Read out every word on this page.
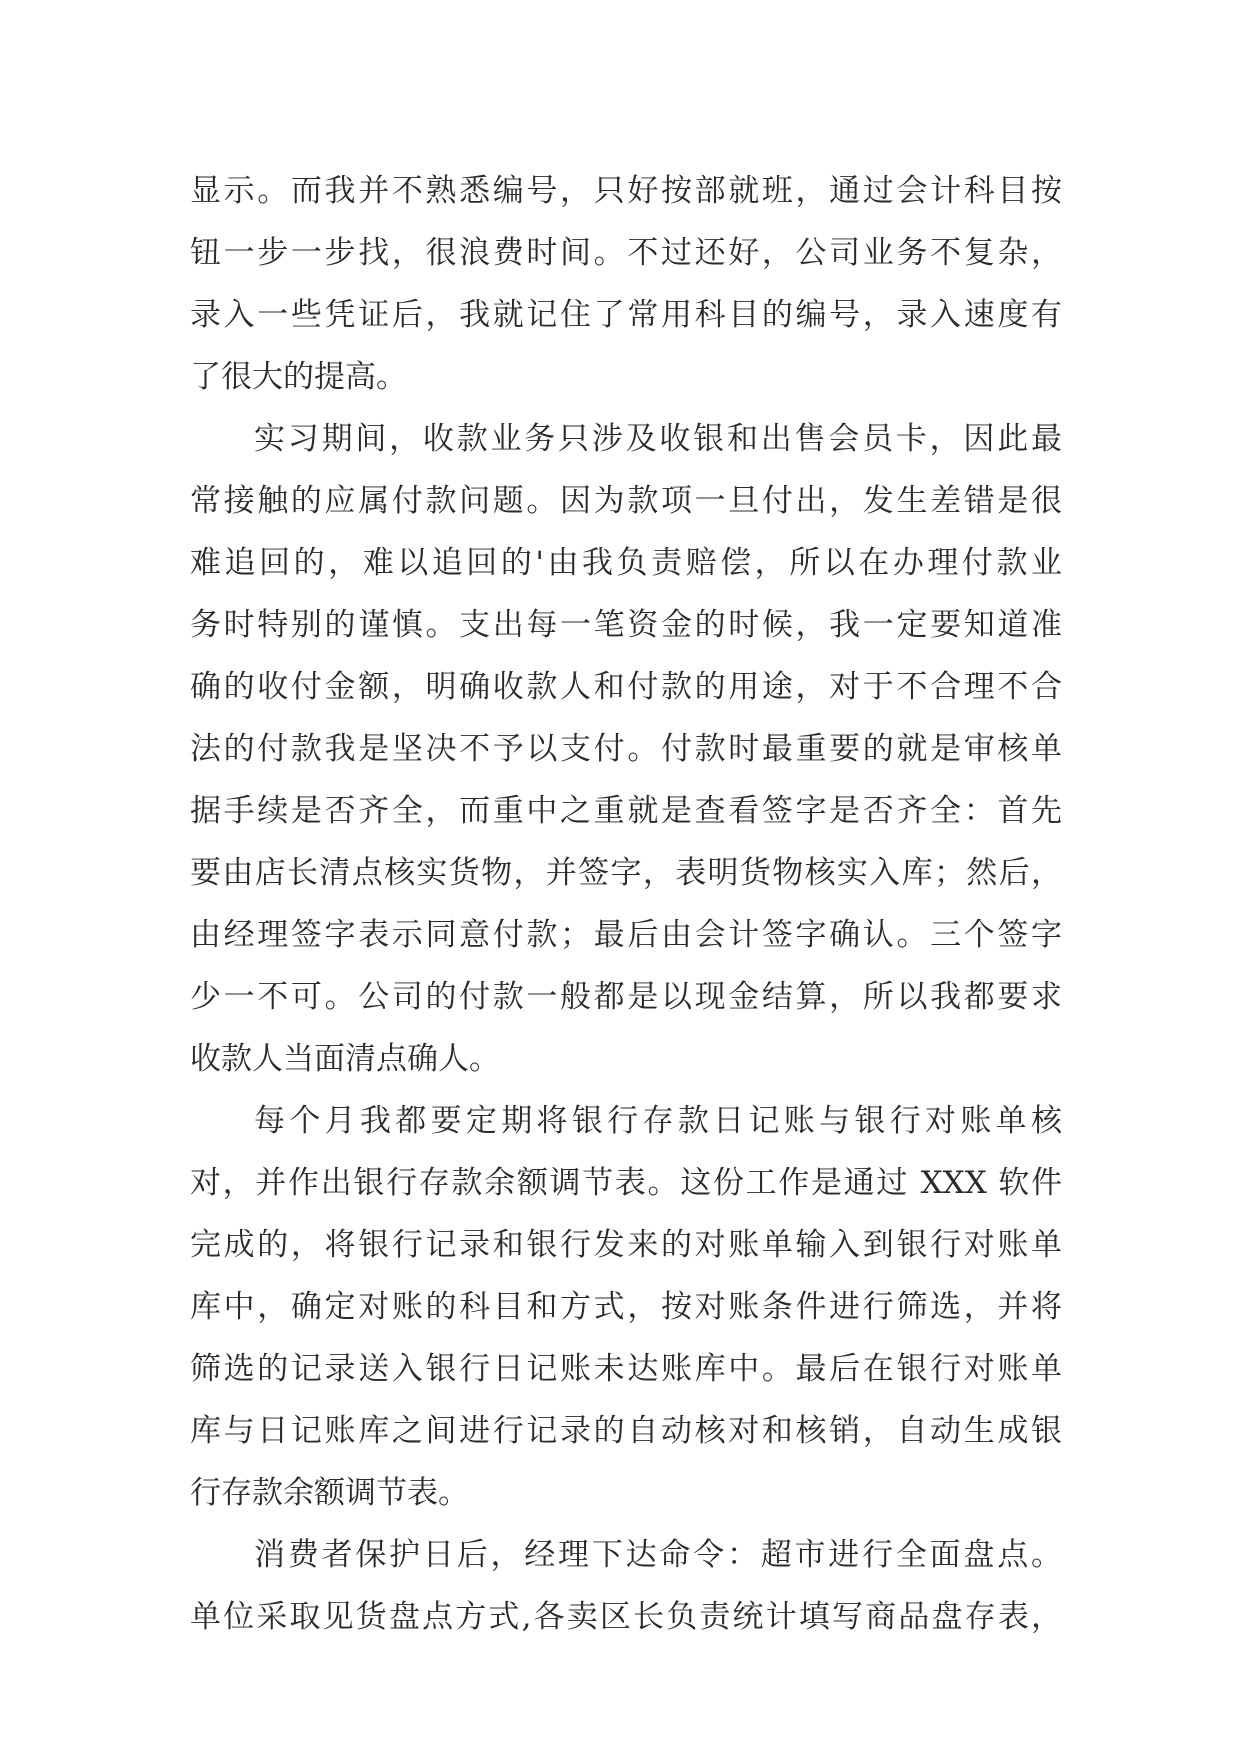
显示。而我并不熟悉编号，只好按部就班，通过会计科目按
钮一步一步找，很浪费时间。不过还好，公司业务不复杂，
录入一些凭证后，我就记住了常用科目的编号，录入速度有
了很大的提高。
实习期间，收款业务只涉及收银和出售会员卡，因此最
常接触的应属付款问题。因为款项一旦付出，发生差错是很
难追回的，难以追回的'由我负责赔偿，所以在办理付款业
务时特别的谨慎。支出每一笔资金的时候，我一定要知道准
确的收付金额，明确收款人和付款的用途，对于不合理不合
法的付款我是坚决不予以支付。付款时最重要的就是审核单
据手续是否齐全，而重中之重就是查看签字是否齐全：首先
要由店长清点核实货物，并签字，表明货物核实入库；然后，
由经理签字表示同意付款；最后由会计签字确认。三个签字
少一不可。公司的付款一般都是以现金结算，所以我都要求
收款人当面清点确人。
每个月我都要定期将银行存款日记账与银行对账单核
对，并作出银行存款余额调节表。这份工作是通过 XXX 软件
完成的，将银行记录和银行发来的对账单输入到银行对账单
库中，确定对账的科目和方式，按对账条件进行筛选，并将
筛选的记录送入银行日记账未达账库中。最后在银行对账单
库与日记账库之间进行记录的自动核对和核销，自动生成银
行存款余额调节表。
消费者保护日后，经理下达命令：超市进行全面盘点。
单位采取见货盘点方式,各卖区长负责统计填写商品盘存表，
